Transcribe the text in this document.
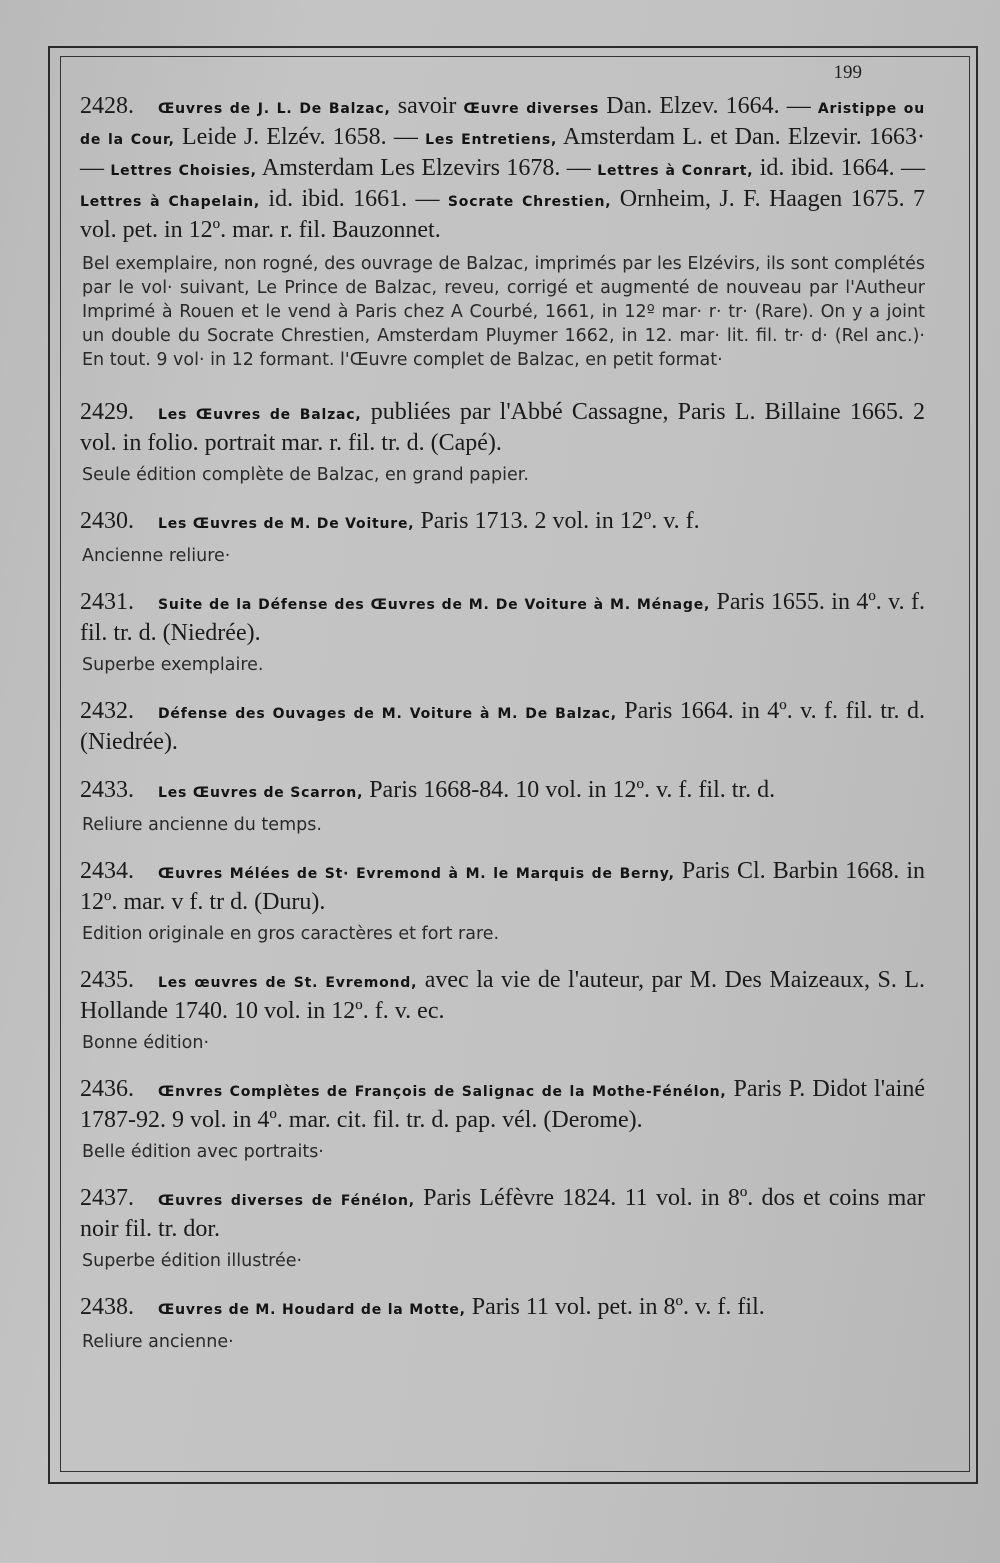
199
2428. Œuvres de J. L. De Balzac, savoir Œuvre diverses Dan. Elzev. 1664. — Aristippe ou de la Cour, Leide J. Elzév. 1658. — Les Entretiens, Amsterdam L. et Dan. Elzevir. 1663· — Lettres Choisies, Amsterdam Les Elzevirs 1678. — Lettres à Conrart, id. ibid. 1664. — Lettres à Chapelain, id. ibid. 1661. — Socrate Chrestien, Ornheim, J. F. Haagen 1675. 7 vol. pet. in 12º. mar. r. fil. Bauzonnet.
Bel exemplaire, non rogné, des ouvrage de Balzac, imprimés par les Elzévirs, ils sont complétés par le vol· suivant, Le Prince de Balzac, reveu, corrigé et augmenté de nouveau par l'Autheur Imprimé à Rouen et le vend à Paris chez A Courbé, 1661, in 12º mar· r· tr· (Rare). On y a joint un double du Socrate Chrestien, Amsterdam Pluymer 1662, in 12. mar· lit. fil. tr· d· (Rel anc.)· En tout. 9 vol· in 12 formant. l'Œuvre complet de Balzac, en petit format·
2429. Les Œuvres de Balzac, publiées par l'Abbé Cassagne, Paris L. Billaine 1665. 2 vol. in folio. portrait mar. r. fil. tr. d. (Capé).
Seule édition complète de Balzac, en grand papier.
2430. Les Œuvres de M. De Voiture, Paris 1713. 2 vol. in 12º. v. f.
Ancienne reliure·
2431. Suite de la Défense des Œuvres de M. De Voiture à M. Ménage, Paris 1655. in 4º. v. f. fil. tr. d. (Niedrée).
Superbe exemplaire.
2432. Défense des Ouvages de M. Voiture à M. De Balzac, Paris 1664. in 4º. v. f. fil. tr. d. (Niedrée).
2433. Les Œuvres de Scarron, Paris 1668-84. 10 vol. in 12º. v. f. fil. tr. d.
Reliure ancienne du temps.
2434. Œuvres Mélées de St· Evremond à M. le Marquis de Berny, Paris Cl. Barbin 1668. in 12º. mar. v f. tr d. (Duru).
Edition originale en gros caractères et fort rare.
2435. Les œuvres de St. Evremond, avec la vie de l'auteur, par M. Des Maizeaux, S. L. Hollande 1740. 10 vol. in 12º. f. v. ec.
Bonne édition·
2436. Œnvres Complètes de François de Salignac de la Mothe-Fénélon, Paris P. Didot l'ainé 1787-92. 9 vol. in 4º. mar. cit. fil. tr. d. pap. vél. (Derome).
Belle édition avec portraits·
2437. Œuvres diverses de Fénélon, Paris Léfèvre 1824. 11 vol. in 8º. dos et coins mar noir fil. tr. dor.
Superbe édition illustrée·
2438. Œuvres de M. Houdard de la Motte, Paris 11 vol. pet. in 8º. v. f. fil.
Reliure ancienne·
